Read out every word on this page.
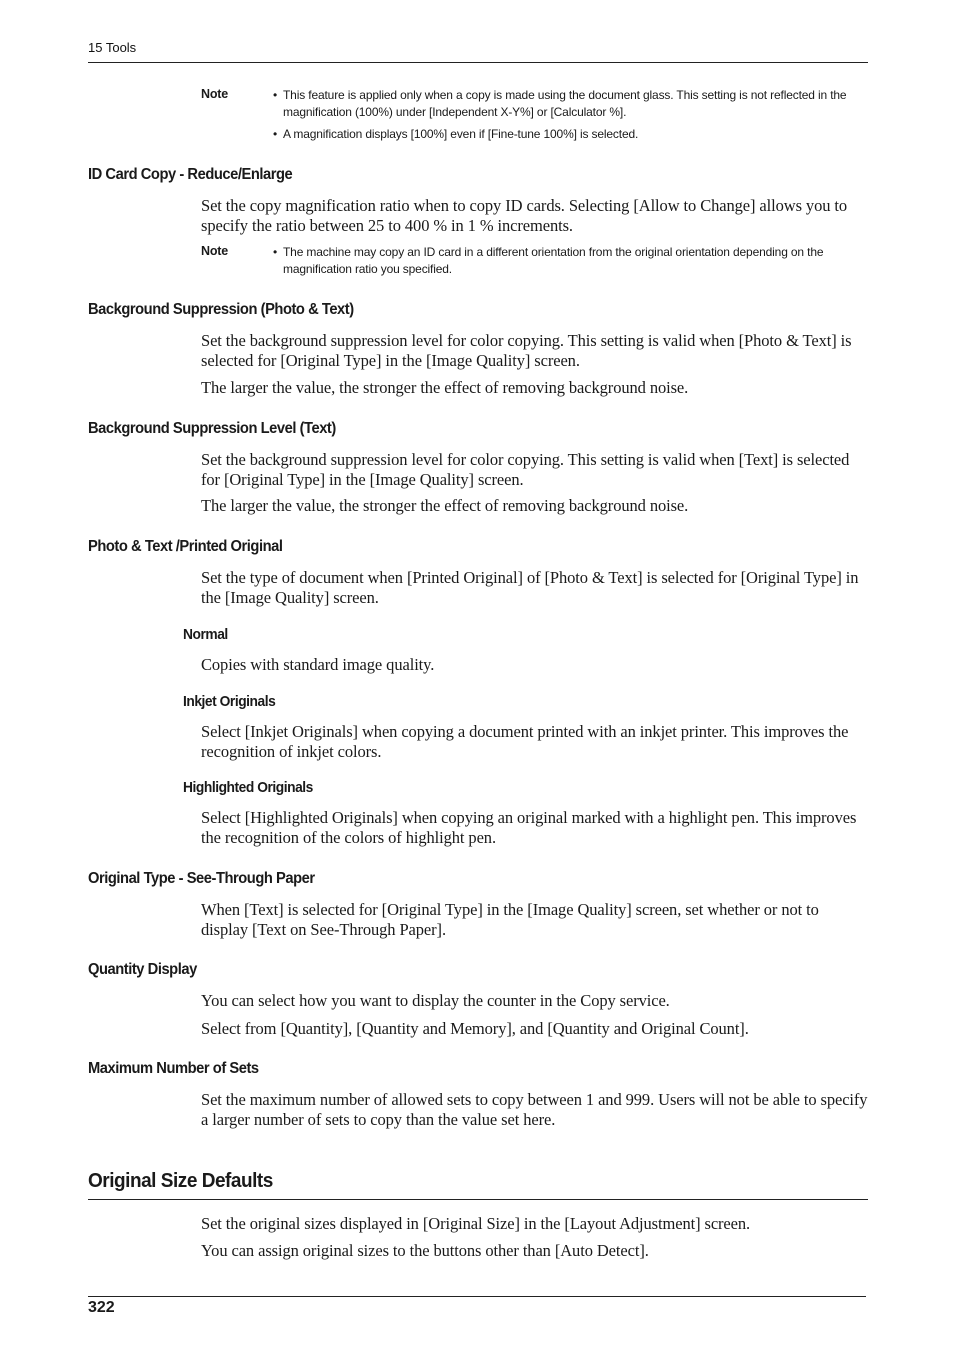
15 Tools
Note	• This feature is applied only when a copy is made using the document glass. This setting is not reflected in the magnification (100%) under [Independent X-Y%] or [Calculator %].
• A magnification displays [100%] even if [Fine-tune 100%] is selected.
ID Card Copy - Reduce/Enlarge
Set the copy magnification ratio when to copy ID cards. Selecting [Allow to Change] allows you to specify the ratio between 25 to 400 % in 1 % increments.
Note	• The machine may copy an ID card in a different orientation from the original orientation depending on the magnification ratio you specified.
Background Suppression (Photo & Text)
Set the background suppression level for color copying. This setting is valid when [Photo & Text] is selected for [Original Type] in the [Image Quality] screen.
The larger the value, the stronger the effect of removing background noise.
Background Suppression Level (Text)
Set the background suppression level for color copying. This setting is valid when [Text] is selected for [Original Type] in the [Image Quality] screen.
The larger the value, the stronger the effect of removing background noise.
Photo & Text /Printed Original
Set the type of document when [Printed Original] of [Photo & Text] is selected for [Original Type] in the [Image Quality] screen.
Normal
Copies with standard image quality.
Inkjet Originals
Select [Inkjet Originals] when copying a document printed with an inkjet printer. This improves the recognition of inkjet colors.
Highlighted Originals
Select [Highlighted Originals] when copying an original marked with a highlight pen. This improves the recognition of the colors of highlight pen.
Original Type - See-Through Paper
When [Text] is selected for [Original Type] in the [Image Quality] screen, set whether or not to display [Text on See-Through Paper].
Quantity Display
You can select how you want to display the counter in the Copy service.
Select from [Quantity], [Quantity and Memory], and [Quantity and Original Count].
Maximum Number of Sets
Set the maximum number of allowed sets to copy between 1 and 999. Users will not be able to specify a larger number of sets to copy than the value set here.
Original Size Defaults
Set the original sizes displayed in [Original Size] in the [Layout Adjustment] screen.
You can assign original sizes to the buttons other than [Auto Detect].
322
